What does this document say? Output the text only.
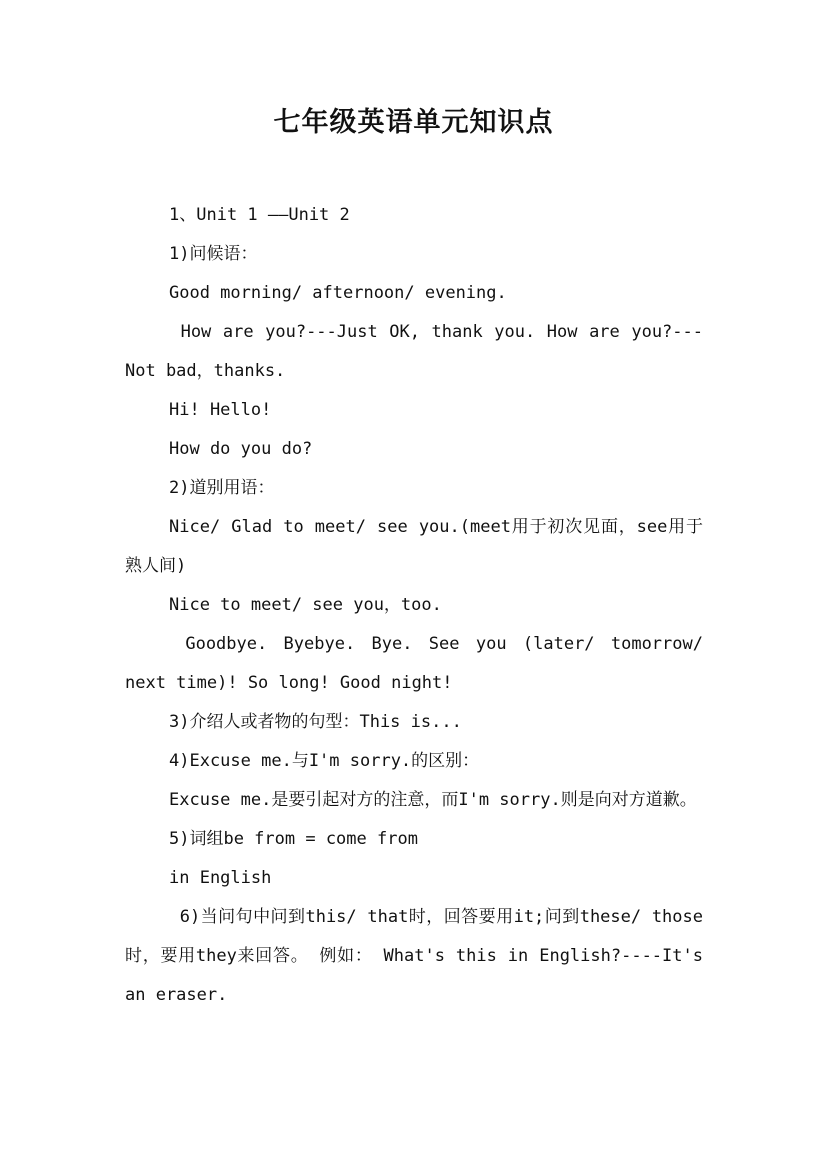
七年级英语单元知识点

1、Unit 1 ——Unit 2

1)问候语：

Good morning/ afternoon/ evening.

How are you?---Just OK, thank you. How are you?---Not bad，thanks.

Hi! Hello!

How do you do?

2)道别用语：

Nice/ Glad to meet/ see you.(meet用于初次见面，see用于熟人间)

Nice to meet/ see you，too.

Goodbye. Byebye. Bye. See you (later/ tomorrow/ next time)! So long! Good night!

3)介绍人或者物的句型：This is...

4)Excuse me.与I'm sorry.的区别：

Excuse me.是要引起对方的注意，而I'm sorry.则是向对方道歉。

5)词组be from = come from

in English

6)当问句中问到this/ that时，回答要用it;问到these/ those时，要用they来回答。 例如： What's this in English?----It's an eraser.
